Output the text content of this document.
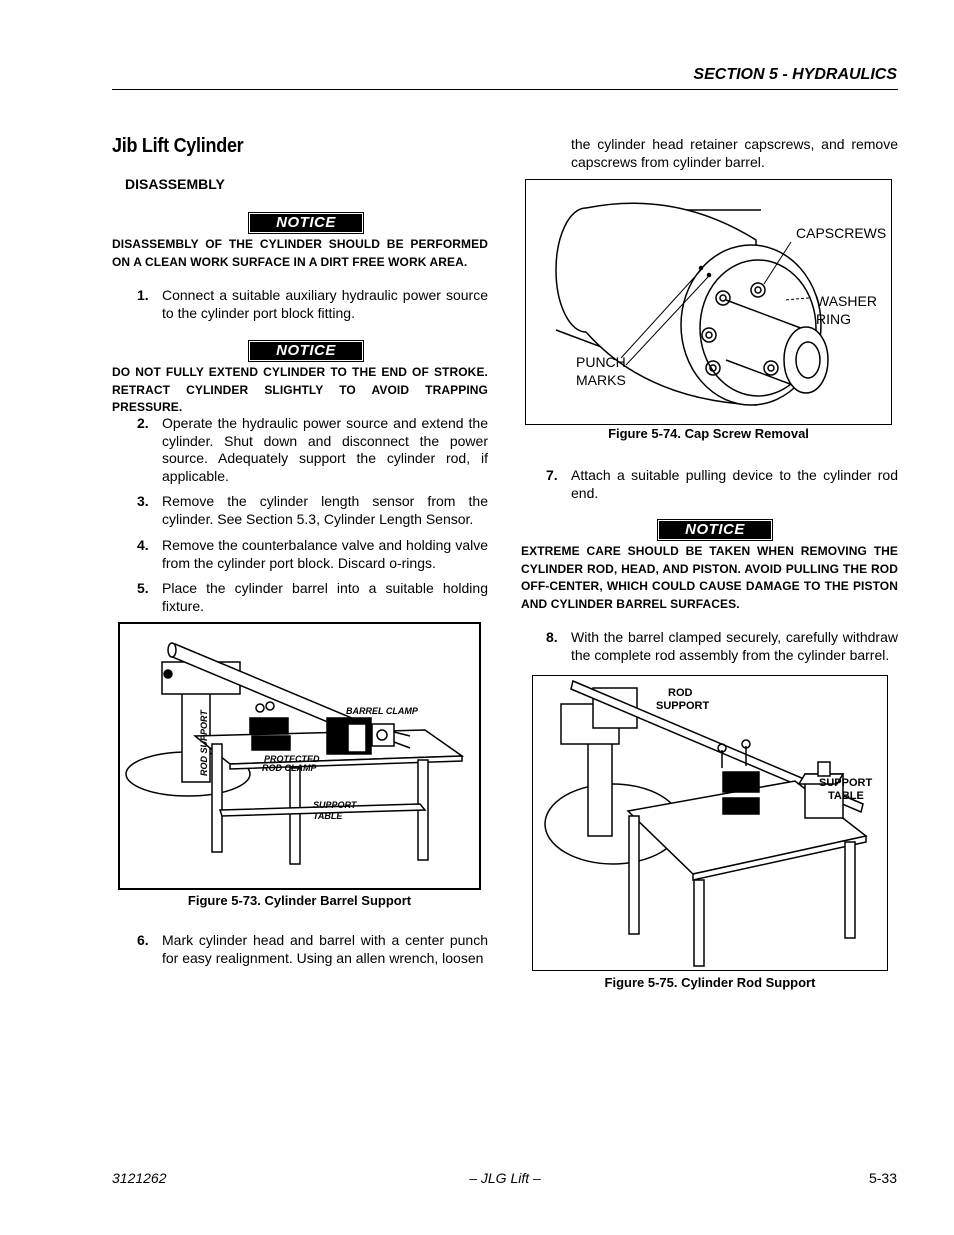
SECTION 5 - HYDRAULICS
Jib Lift Cylinder
DISASSEMBLY
NOTICE
DISASSEMBLY OF THE CYLINDER SHOULD BE PERFORMED ON A CLEAN WORK SURFACE IN A DIRT FREE WORK AREA.
1. Connect a suitable auxiliary hydraulic power source to the cylinder port block fitting.
NOTICE
DO NOT FULLY EXTEND CYLINDER TO THE END OF STROKE. RETRACT CYLINDER SLIGHTLY TO AVOID TRAPPING PRESSURE.
2. Operate the hydraulic power source and extend the cylinder. Shut down and disconnect the power source. Adequately support the cylinder rod, if applicable.
3. Remove the cylinder length sensor from the cylinder. See Section 5.3, Cylinder Length Sensor.
4. Remove the counterbalance valve and holding valve from the cylinder port block. Discard o-rings.
5. Place the cylinder barrel into a suitable holding fixture.
BARREL CLAMP
PROTECTED
ROD CLAMP
SUPPORT
TABLE
ROD SUPPORT
Figure 5-73. Cylinder Barrel Support
6. Mark cylinder head and barrel with a center punch for easy realignment. Using an allen wrench, loosen
the cylinder head retainer capscrews, and remove capscrews from cylinder barrel.
CAPSCREWS
WASHER
RING
PUNCH
MARKS
Figure 5-74. Cap Screw Removal
7. Attach a suitable pulling device to the cylinder rod end.
NOTICE
EXTREME CARE SHOULD BE TAKEN WHEN REMOVING THE CYLINDER ROD, HEAD, AND PISTON. AVOID PULLING THE ROD OFF-CENTER, WHICH COULD CAUSE DAMAGE TO THE PISTON AND CYLINDER BARREL SURFACES.
8. With the barrel clamped securely, carefully withdraw the complete rod assembly from the cylinder barrel.
ROD
SUPPORT
SUPPORT
TABLE
Figure 5-75. Cylinder Rod Support
3121262	– JLG Lift –	5-33
